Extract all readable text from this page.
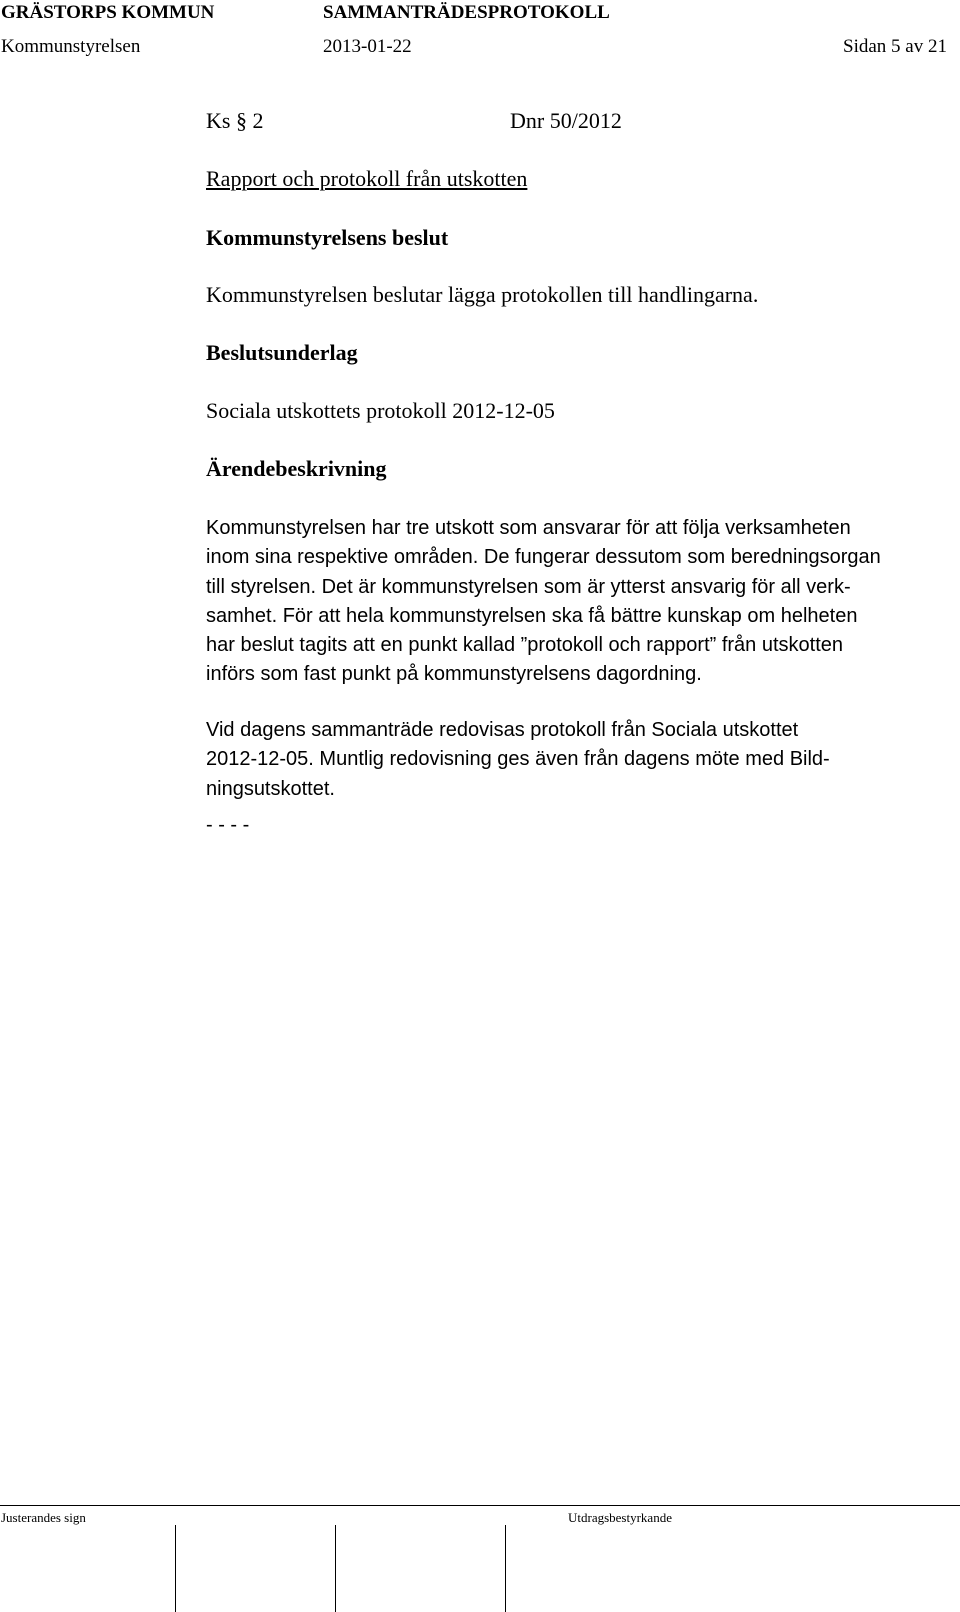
GRÄSTORPS KOMMUN	SAMMANTRÄDESPROTOKOLL
Kommunstyrelsen	2013-01-22	Sidan 5 av 21
Ks § 2	Dnr 50/2012
Rapport och protokoll från utskotten
Kommunstyrelsens beslut
Kommunstyrelsen beslutar lägga protokollen till handlingarna.
Beslutsunderlag
Sociala utskottets protokoll 2012-12-05
Ärendebeskrivning
Kommunstyrelsen har tre utskott som ansvarar för att följa verksamheten
inom sina respektive områden. De fungerar dessutom som beredningsorgan
till styrelsen. Det är kommunstyrelsen som är ytterst ansvarig för all verk-
samhet. För att hela kommunstyrelsen ska få bättre kunskap om helheten
har beslut tagits att en punkt kallad ”protokoll och rapport” från utskotten
införs som fast punkt på kommunstyrelsens dagordning.
Vid dagens sammanträde redovisas protokoll från Sociala utskottet
2012-12-05. Muntlig redovisning ges även från dagens möte med Bild-
ningsutskottet.
- - - -
Justerandes sign	Utdragsbestyrkande
